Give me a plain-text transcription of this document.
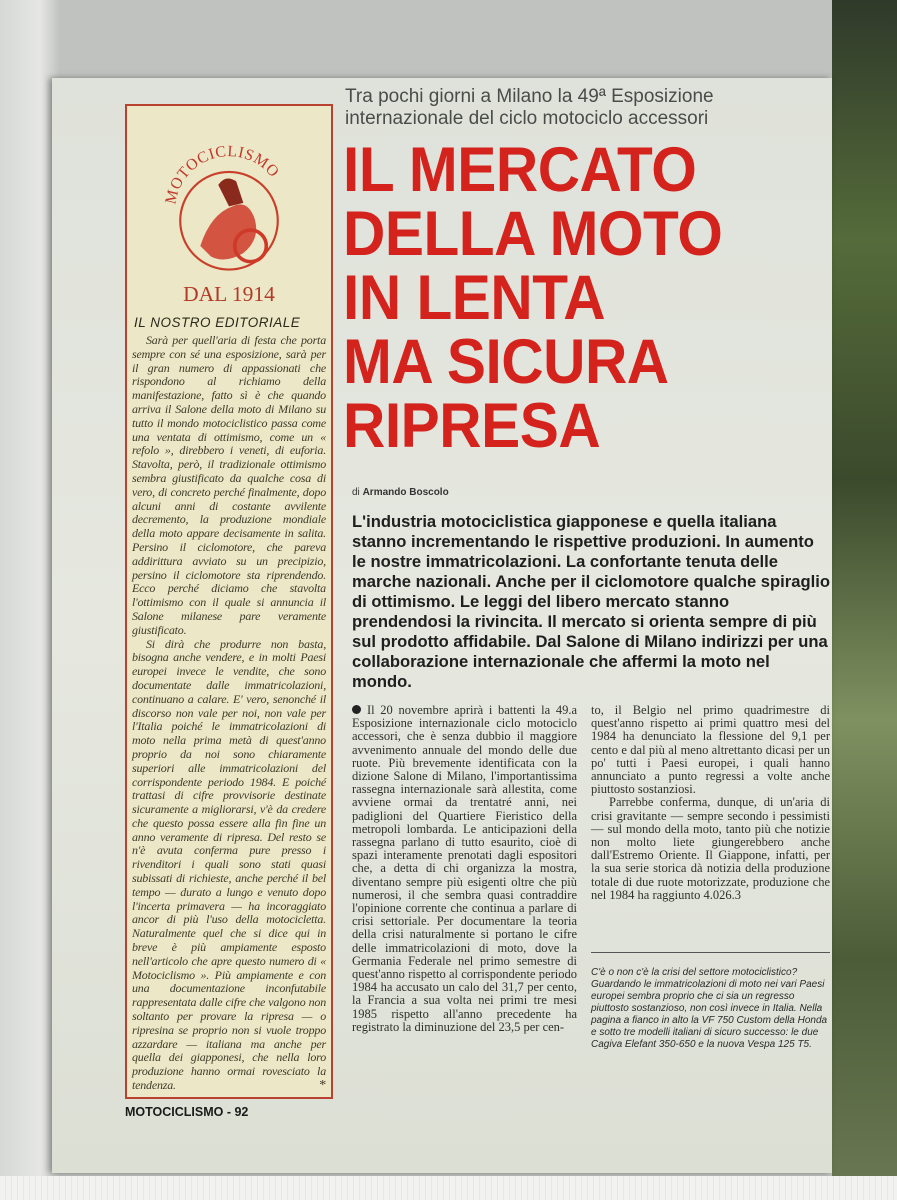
Tra pochi giorni a Milano la 49ª Esposizione internazionale del ciclo motociclo accessori
MOTOCICLISMO
DAL 1914
IL NOSTRO EDITORIALE

Sarà per quell'aria di festa che porta sempre con sé una esposizione, sarà per il gran numero di appassionati che rispondono al richiamo della manifestazione, fatto sì è che quando arriva il Salone della moto di Milano su tutto il mondo motociclistico passa come una ventata di ottimismo, come un « refolo », direbbero i veneti, di euforia. Stavolta, però, il tradizionale ottimismo sembra giustificato da qualche cosa di vero, di concreto perché finalmente, dopo alcuni anni di costante avvilente decremento, la produzione mondiale della moto appare decisamente in salita. Persino il ciclomotore, che pareva addirittura avviato su un precipizio, persino il ciclomotore sta riprendendo. Ecco perché diciamo che stavolta l'ottimismo con il quale si annuncia il Salone milanese pare veramente giustificato.

Si dirà che produrre non basta, bisogna anche vendere, e in molti Paesi europei invece le vendite, che sono documentate dalle immatricolazioni, continuano a calare. E' vero, senonché il discorso non vale per noi, non vale per l'Italia poiché le immatricolazioni di moto nella prima metà di quest'anno proprio da noi sono chiaramente superiori alle immatricolazioni del corrispondente periodo 1984. E poiché trattasi di cifre provvisorie destinate sicuramente a migliorarsi, v'è da credere che questo possa essere alla fin fine un anno veramente di ripresa. Del resto se n'è avuta conferma pure presso i rivenditori i quali sono stati quasi subissati di richieste, anche perché il bel tempo — durato a lungo e venuto dopo l'incerta primavera — ha incoraggiato ancor di più l'uso della motocicletta. Naturalmente quel che si dice qui in breve è più ampiamente esposto nell'articolo che apre questo numero di « Motociclismo ». Più ampiamente e con una documentazione inconfutabile rappresentata dalle cifre che valgono non soltanto per provare la ripresa — o ripresina se proprio non si vuole troppo azzardare — italiana ma anche per quella dei giapponesi, che nella loro produzione hanno ormai rovesciato la tendenza.	*

MOTOCICLISMO - 92
IL MERCATO
DELLA MOTO
IN LENTA
MA SICURA
RIPRESA
di Armando Boscolo
L'industria motociclistica giapponese e quella italiana stanno incrementando le rispettive produzioni. In aumento le nostre immatricolazioni. La confortante tenuta delle marche nazionali. Anche per il ciclomotore qualche spiraglio di ottimismo. Le leggi del libero mercato stanno prendendosi la rivincita. Il mercato si orienta sempre di più sul prodotto affidabile. Dal Salone di Milano indirizzi per una collaborazione internazionale che affermi la moto nel mondo.

Il 20 novembre aprirà i battenti la 49.a Esposizione internazionale ciclo motociclo accessori, che è senza dubbio il maggiore avvenimento annuale del mondo delle due ruote. Più brevemente identificata con la dizione Salone di Milano, l'importantissima rassegna internazionale sarà allestita, come avviene ormai da trentatré anni, nei padiglioni del Quartiere Fieristico della metropoli lombarda. Le anticipazioni della rassegna parlano di tutto esaurito, cioè di spazi interamente prenotati dagli espositori che, a detta di chi organizza la mostra, diventano sempre più esigenti oltre che più numerosi, il che sembra quasi contraddire l'opinione corrente che continua a parlare di crisi settoriale. Per documentare la teoria della crisi naturalmente si portano le cifre delle immatricolazioni di moto, dove la Germania Federale nel primo semestre di quest'anno rispetto al corrispondente periodo 1984 ha accusato un calo del 31,7 per cento, la Francia a sua volta nei primi tre mesi 1985 rispetto all'anno precedente ha registrato la diminuzione del 23,5 per cen-

to, il Belgio nel primo quadrimestre di quest'anno rispetto ai primi quattro mesi del 1984 ha denunciato la flessione del 9,1 per cento e dal più al meno altrettanto dicasi per un po' tutti i Paesi europei, i quali hanno annunciato a punto regressi a volte anche piuttosto sostanziosi.

Parrebbe conferma, dunque, di un'aria di crisi gravitante — sempre secondo i pessimisti — sul mondo della moto, tanto più che notizie non molto liete giungerebbero anche dall'Estremo Oriente. Il Giappone, infatti, per la sua serie storica dà notizia della produzione totale di due ruote motorizzate, produzione che nel 1984 ha raggiunto 4.026.3

C'è o non c'è la crisi del settore motociclistico? Guardando le immatricolazioni di moto nei vari Paesi europei sembra proprio che ci sia un regresso piuttosto sostanzioso, non così invece in Italia. Nella pagina a fianco in alto la VF 750 Custom della Honda e sotto tre modelli italiani di sicuro successo: le due Cagiva Elefant 350-650 e la nuova Vespa 125 T5.
